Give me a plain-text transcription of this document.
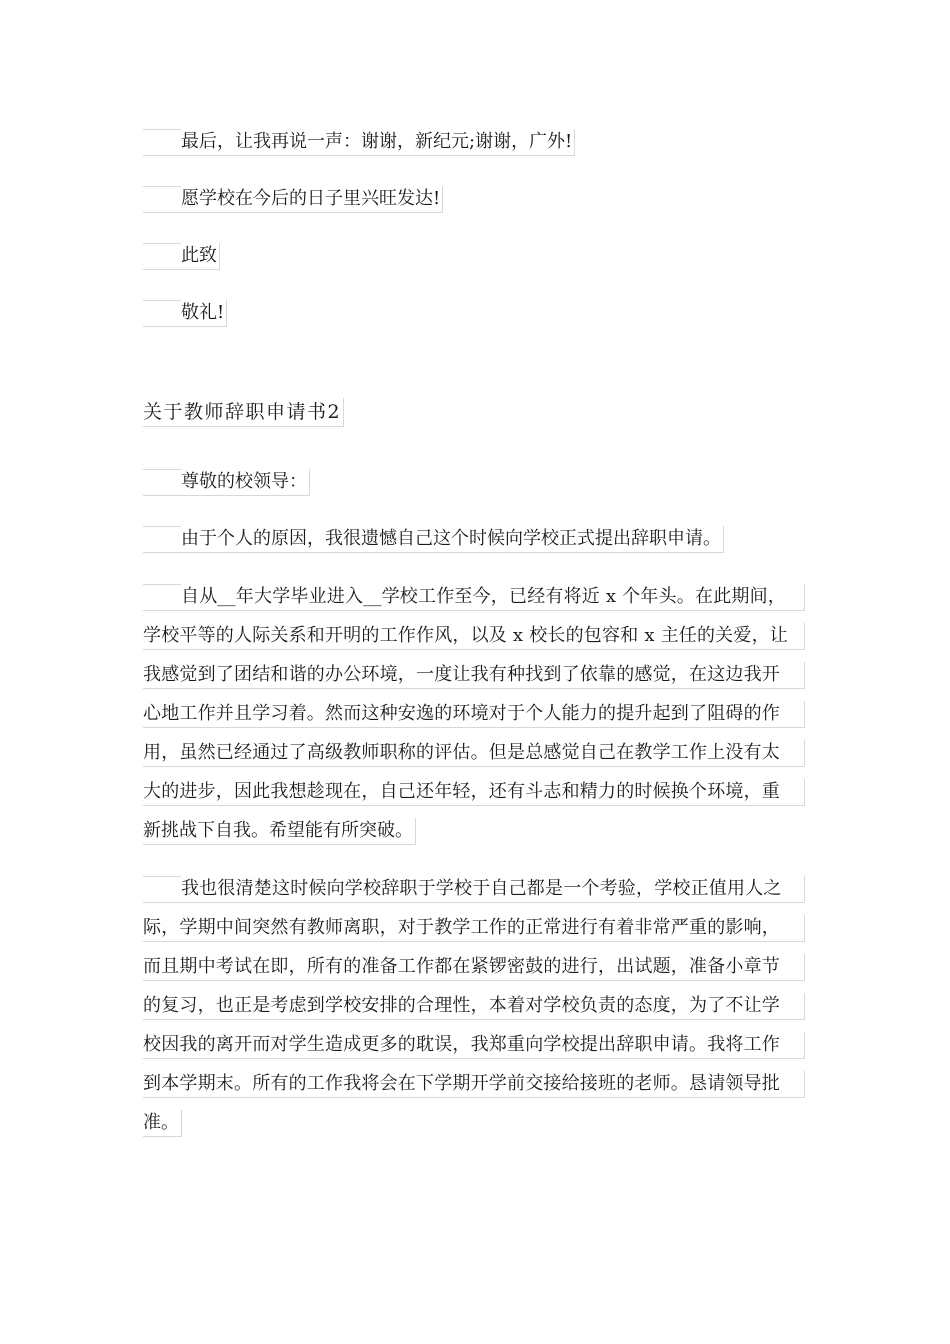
最后，让我再说一声：谢谢，新纪元;谢谢，广外!
愿学校在今后的日子里兴旺发达!
此致
敬礼!
关于教师辞职申请书2
尊敬的校领导：
由于个人的原因，我很遗憾自己这个时候向学校正式提出辞职申请。
自从__年大学毕业进入__学校工作至今，已经有将近 x 个年头。在此期间，
学校平等的人际关系和开明的工作作风，以及 x 校长的包容和 x 主任的关爱，让
我感觉到了团结和谐的办公环境，一度让我有种找到了依靠的感觉，在这边我开
心地工作并且学习着。然而这种安逸的环境对于个人能力的提升起到了阻碍的作
用，虽然已经通过了高级教师职称的评估。但是总感觉自己在教学工作上没有太
大的进步，因此我想趁现在，自己还年轻，还有斗志和精力的时候换个环境，重
新挑战下自我。希望能有所突破。
我也很清楚这时候向学校辞职于学校于自己都是一个考验，学校正值用人之
际，学期中间突然有教师离职，对于教学工作的正常进行有着非常严重的影响，
而且期中考试在即，所有的准备工作都在紧锣密鼓的进行，出试题，准备小章节
的复习，也正是考虑到学校安排的合理性，本着对学校负责的态度，为了不让学
校因我的离开而对学生造成更多的耽误，我郑重向学校提出辞职申请。我将工作
到本学期末。所有的工作我将会在下学期开学前交接给接班的老师。恳请领导批
准。
